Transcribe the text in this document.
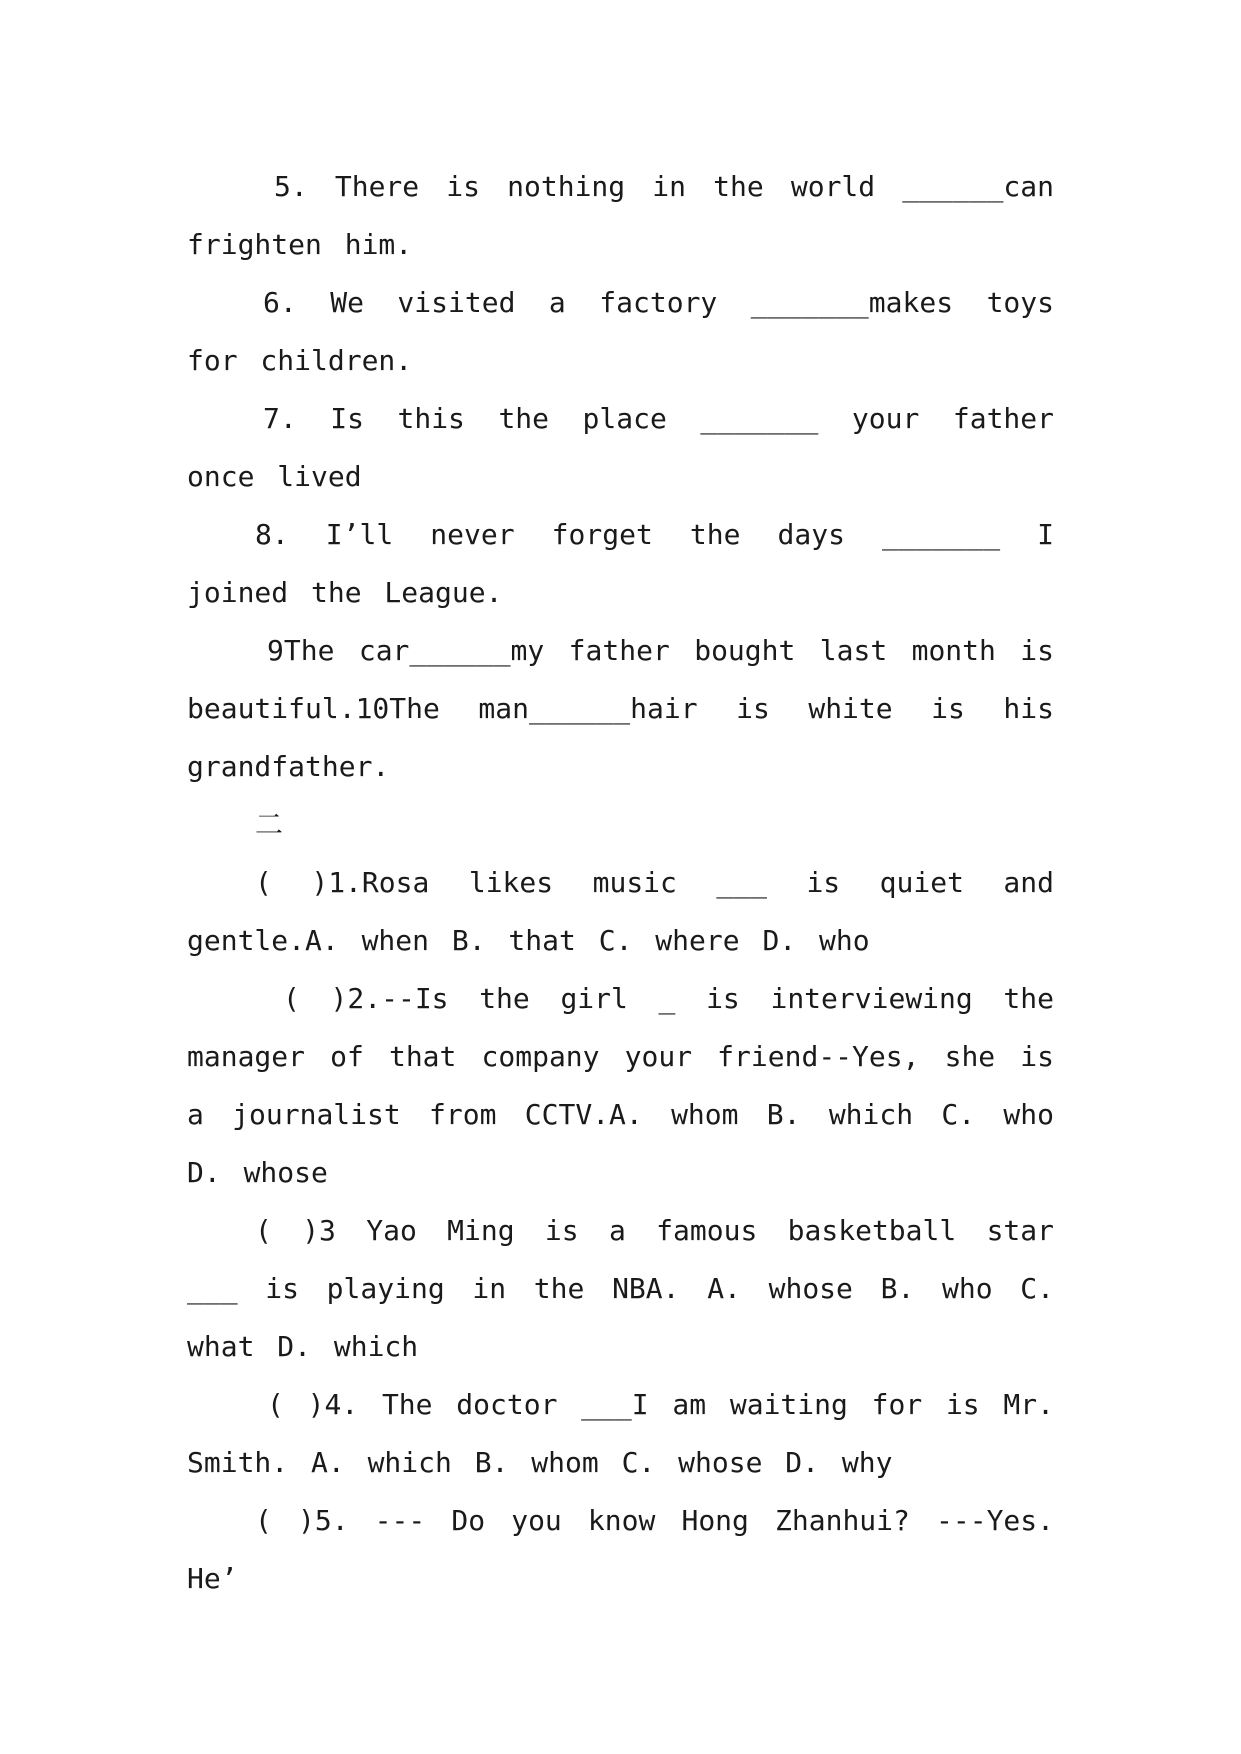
5. There is nothing in the world ______can frighten him.

6. We visited a factory _______makes toys for children.

7. Is this the place _______ your father once lived

8. I’ll never forget the days _______ I joined the League.

9The car______my father bought last month is beautiful.10The man______hair is white is his grandfather.

二

( )1.Rosa likes music ___ is quiet and gentle.A. when B. that C. where D. who

( )2.--Is the girl _ is interviewing the manager of that company your friend--Yes, she is a journalist from CCTV.A. whom B. which C. who D. whose

( )3 Yao Ming is a famous basketball star ___ is playing in the NBA. A. whose B. who C. what D. which

( )4. The doctor ___I am waiting for is Mr. Smith. A. which B. whom C. whose D. why

( )5. --- Do you know Hong Zhanhui? ---Yes. He’
